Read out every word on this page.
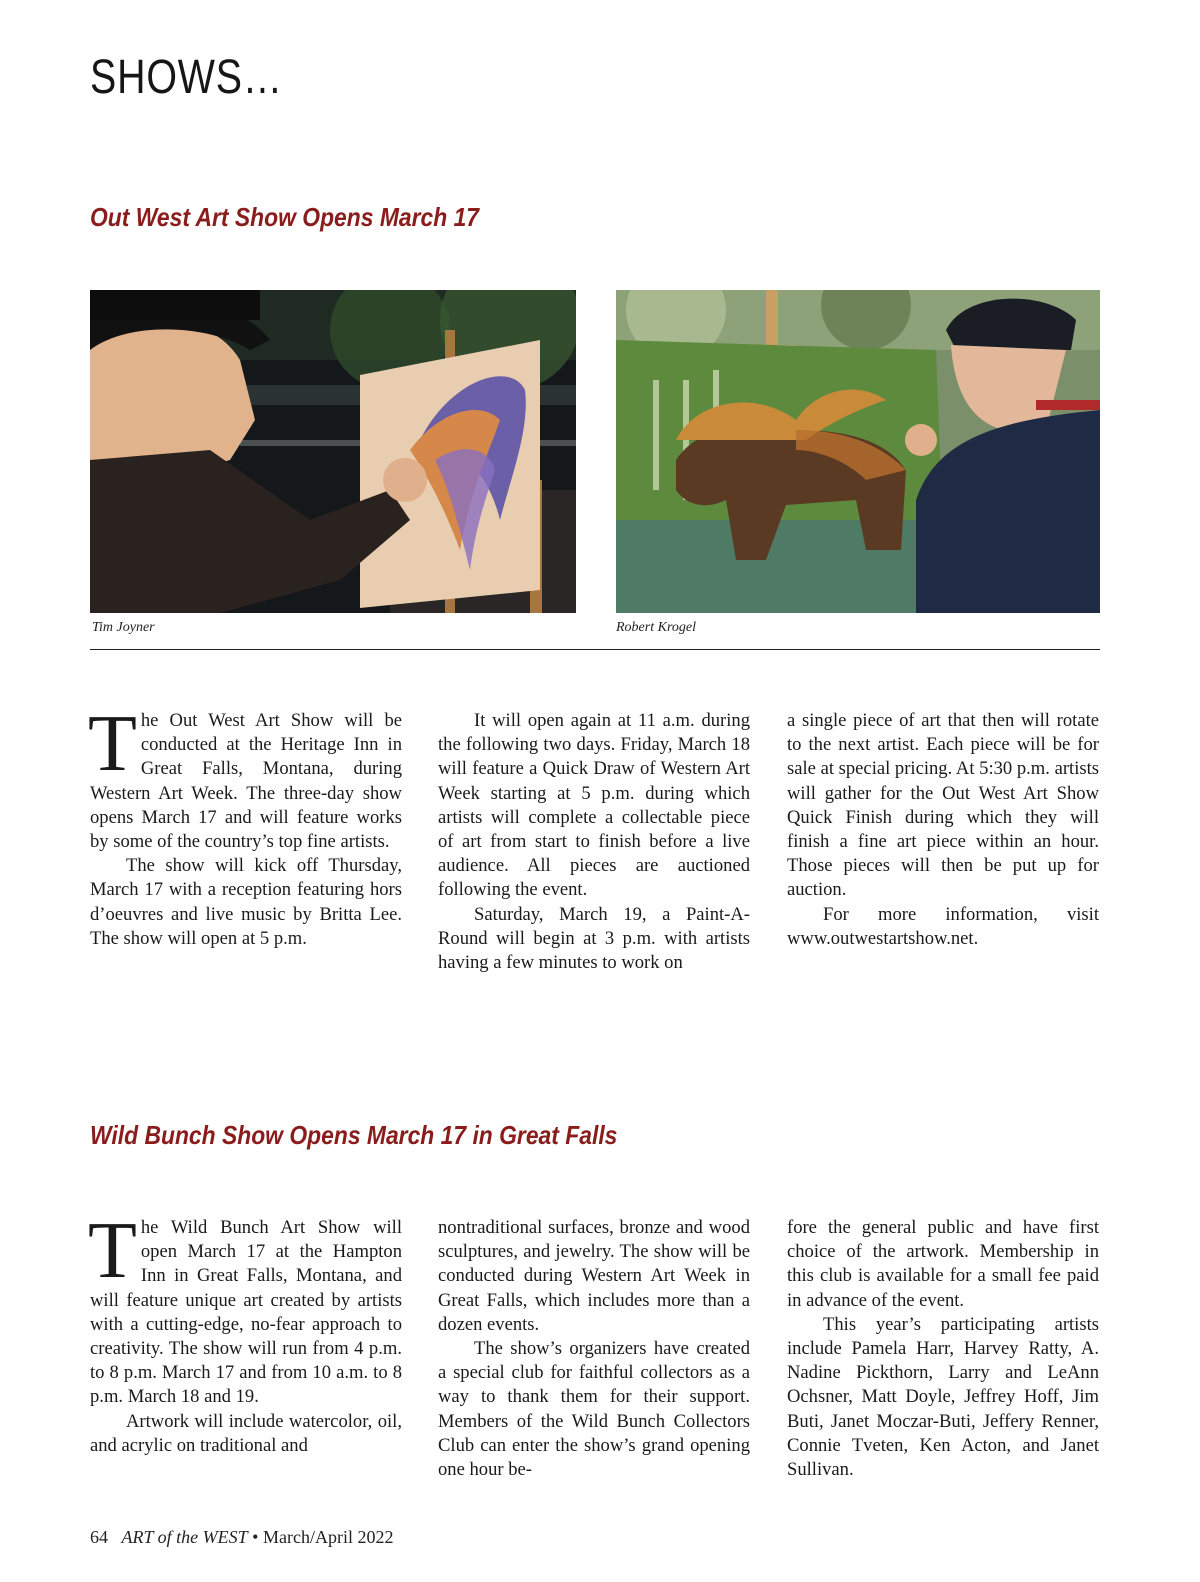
SHOWS…
Out West Art Show Opens March 17
Tim Joyner	Robert Krogel

The Out West Art Show will be conducted at the Heritage Inn in Great Falls, Montana, during Western Art Week. The three-day show opens March 17 and will feature works by some of the country’s top fine artists.

The show will kick off Thursday, March 17 with a reception featuring hors d’oeuvres and live music by Britta Lee. The show will open at 5 p.m.

It will open again at 11 a.m. during the following two days. Friday, March 18 will feature a Quick Draw of Western Art Week starting at 5 p.m. during which artists will complete a collectable piece of art from start to finish before a live audience. All pieces are auctioned following the event.

Saturday, March 19, a Paint-A-Round will begin at 3 p.m. with artists having a few minutes to work on

a single piece of art that then will rotate to the next artist. Each piece will be for sale at special pricing. At 5:30 p.m. artists will gather for the Out West Art Show Quick Finish during which they will finish a fine art piece within an hour. Those pieces will then be put up for auction.

For more information, visit www.outwestartshow.net.

Wild Bunch Show Opens March 17 in Great Falls

The Wild Bunch Art Show will open March 17 at the Hampton Inn in Great Falls, Montana, and will feature unique art created by artists with a cutting-edge, no-fear approach to creativity. The show will run from 4 p.m. to 8 p.m. March 17 and from 10 a.m. to 8 p.m. March 18 and 19.

Artwork will include watercolor, oil, and acrylic on traditional and

nontraditional surfaces, bronze and wood sculptures, and jewelry. The show will be conducted during Western Art Week in Great Falls, which includes more than a dozen events.

The show’s organizers have created a special club for faithful collectors as a way to thank them for their support. Members of the Wild Bunch Collectors Club can enter the show’s grand opening one hour be-

fore the general public and have first choice of the artwork. Membership in this club is available for a small fee paid in advance of the event.

This year’s participating artists include Pamela Harr, Harvey Ratty, A. Nadine Pickthorn, Larry and LeAnn Ochsner, Matt Doyle, Jeffrey Hoff, Jim Buti, Janet Moczar-Buti, Jeffery Renner, Connie Tveten, Ken Acton, and Janet Sullivan.

64 ART of the WEST • March/April 2022
